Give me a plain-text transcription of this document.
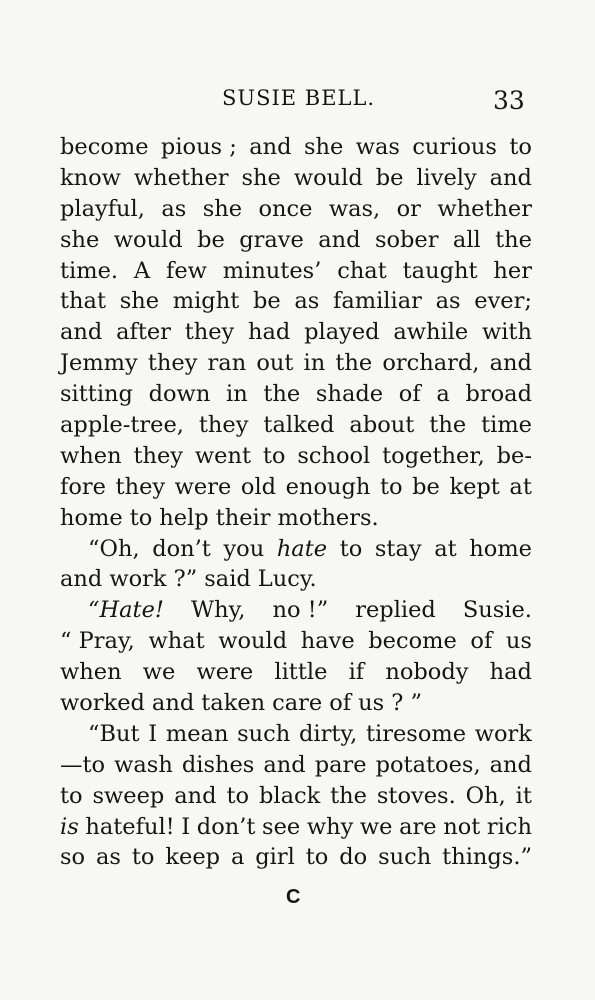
SUSIE BELL.	33
become pious ; and she was curious to
know whether she would be lively and
playful, as she once was, or whether
she would be grave and sober all the
time. A few minutes’ chat taught her
that she might be as familiar as ever;
and after they had played awhile with
Jemmy they ran out in the orchard, and
sitting down in the shade of a broad
apple-tree, they talked about the time
when they went to school together, be-
fore they were old enough to be kept at
home to help their mothers.
“Oh, don’t you hate to stay at home
and work ?” said Lucy.
“Hate! Why, no !” replied Susie.
“ Pray, what would have become of us
when we were little if nobody had
worked and taken care of us ? ”
“But I mean such dirty, tiresome work
—to wash dishes and pare potatoes, and
to sweep and to black the stoves. Oh, it
is hateful! I don’t see why we are not rich
so as to keep a girl to do such things.”
C
